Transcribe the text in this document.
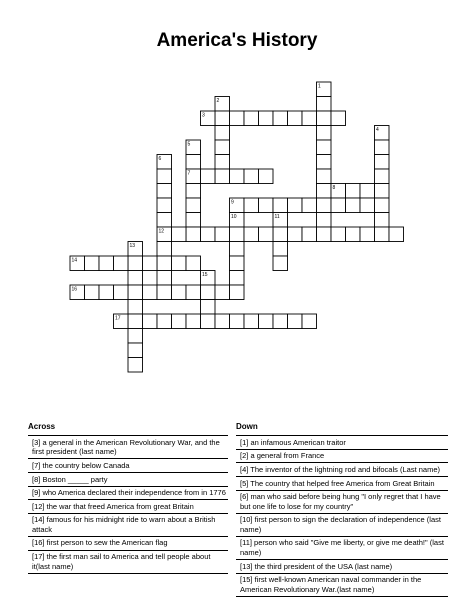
America's History
1
2
3
4
5
6
7
8
9
10	11
12
13
14
15
16
17
Across
[3] a general in the American Revolutionary War, and the first president (last name)
[7] the country below Canada
[8] Boston _____ party
[9] who America declared their independence from in 1776
[12] the war that freed America from great Britain
[14] famous for his midnight ride to warn about a British attack
[16] first person to sew the American flag
[17] the first man sail to America and tell people about it(last name)
Down
[1] an infamous American traitor
[2] a general from France
[4] The inventor of the lightning rod and bifocals (Last name)
[5] The country that helped free America from Great Britain
[6] man who said before being hung "I only regret that I have but one life to lose for my country"
[10] first person to sign the declaration of independence (last name)
[11] person who said "Give me liberty, or give me death!" (last name)
[13] the third president of the USA (last name)
[15] first well-known American naval commander in the American Revolutionary War.(last name)
